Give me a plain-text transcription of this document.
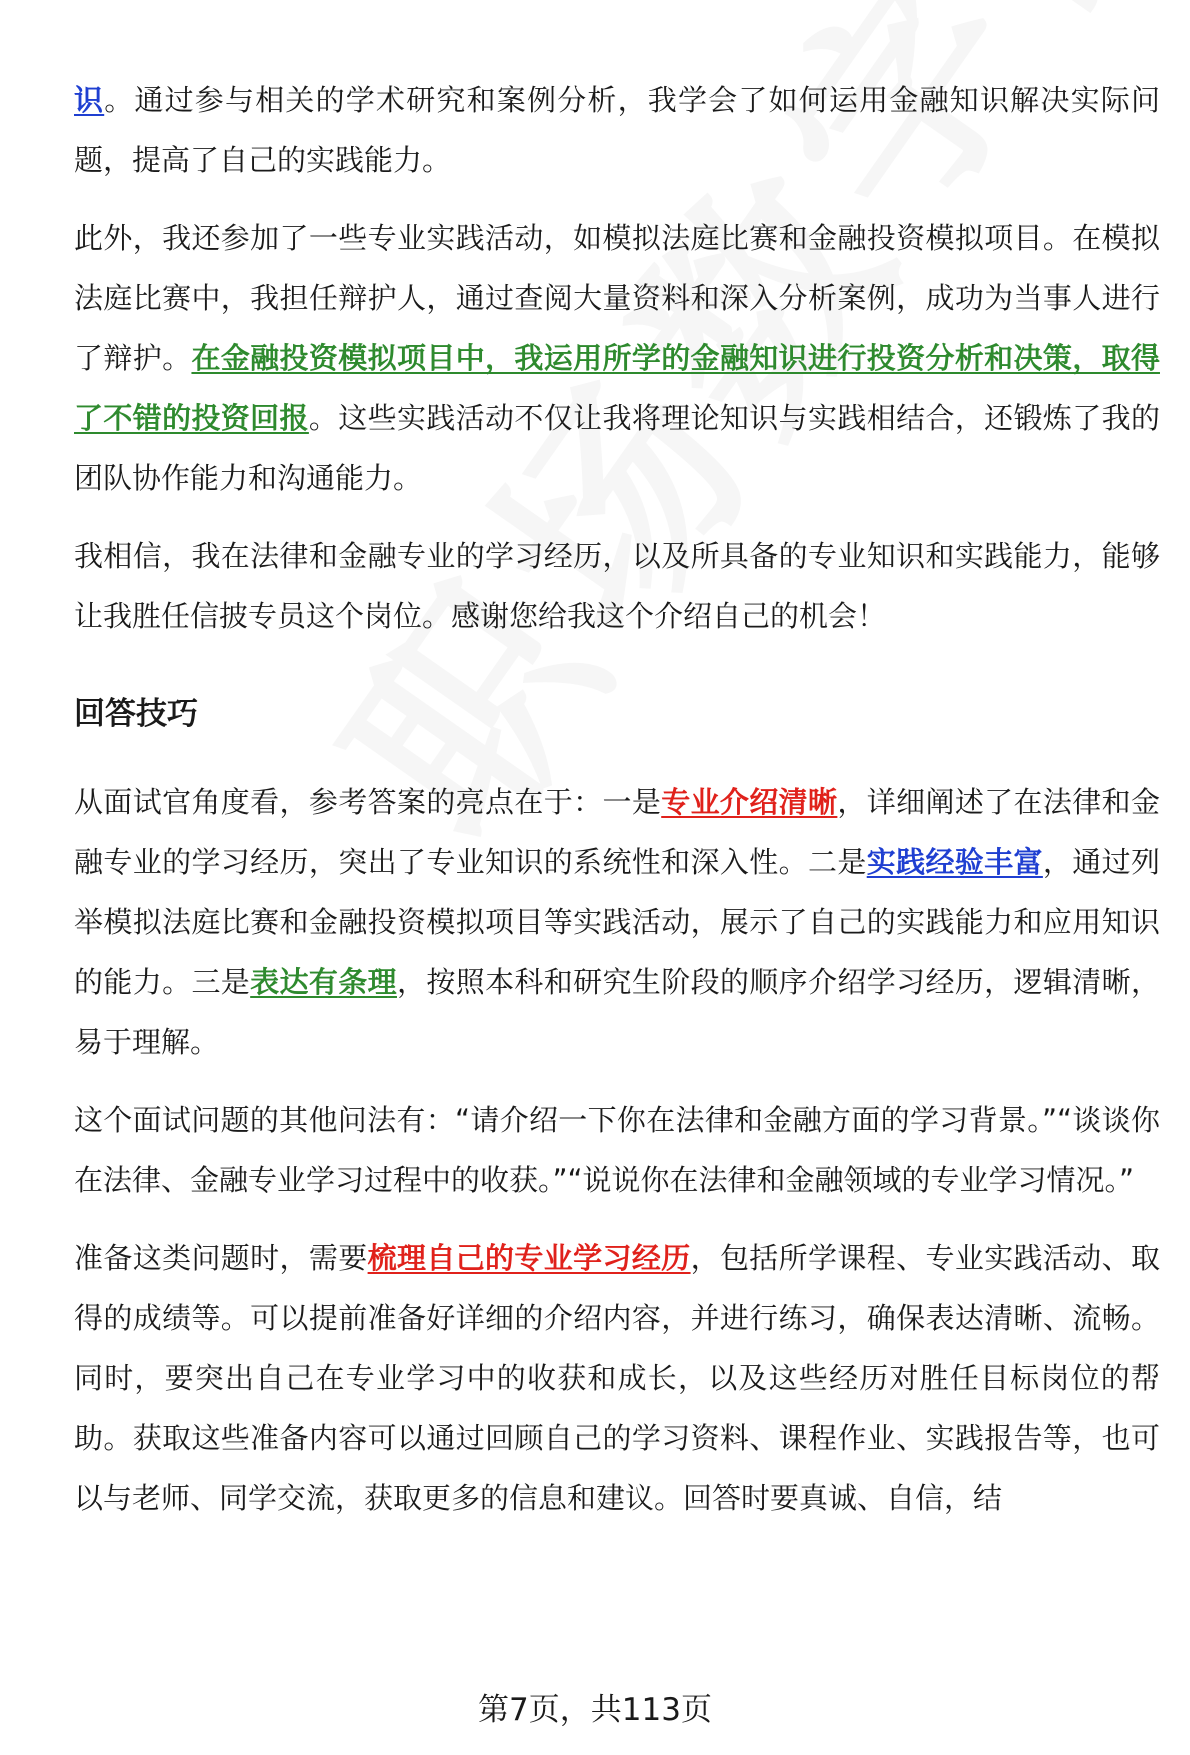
识。通过参与相关的学术研究和案例分析，我学会了如何运用金融知识解决实际问题，提高了自己的实践能力。

此外，我还参加了一些专业实践活动，如模拟法庭比赛和金融投资模拟项目。在模拟法庭比赛中，我担任辩护人，通过查阅大量资料和深入分析案例，成功为当事人进行了辩护。在金融投资模拟项目中，我运用所学的金融知识进行投资分析和决策，取得了不错的投资回报。这些实践活动不仅让我将理论知识与实践相结合，还锻炼了我的团队协作能力和沟通能力。

我相信，我在法律和金融专业的学习经历，以及所具备的专业知识和实践能力，能够让我胜任信披专员这个岗位。感谢您给我这个介绍自己的机会！

回答技巧

从面试官角度看，参考答案的亮点在于：一是专业介绍清晰，详细阐述了在法律和金融专业的学习经历，突出了专业知识的系统性和深入性。二是实践经验丰富，通过列举模拟法庭比赛和金融投资模拟项目等实践活动，展示了自己的实践能力和应用知识的能力。三是表达有条理，按照本科和研究生阶段的顺序介绍学习经历，逻辑清晰，易于理解。

这个面试问题的其他问法有：“请介绍一下你在法律和金融方面的学习背景。”“谈谈你在法律、金融专业学习过程中的收获。”“说说你在法律和金融领域的专业学习情况。”

准备这类问题时，需要梳理自己的专业学习经历，包括所学课程、专业实践活动、取得的成绩等。可以提前准备好详细的介绍内容，并进行练习，确保表达清晰、流畅。同时，要突出自己在专业学习中的收获和成长，以及这些经历对胜任目标岗位的帮助。获取这些准备内容可以通过回顾自己的学习资料、课程作业、实践报告等，也可以与老师、同学交流，获取更多的信息和建议。回答时要真诚、自信，结

第7页，共113页
